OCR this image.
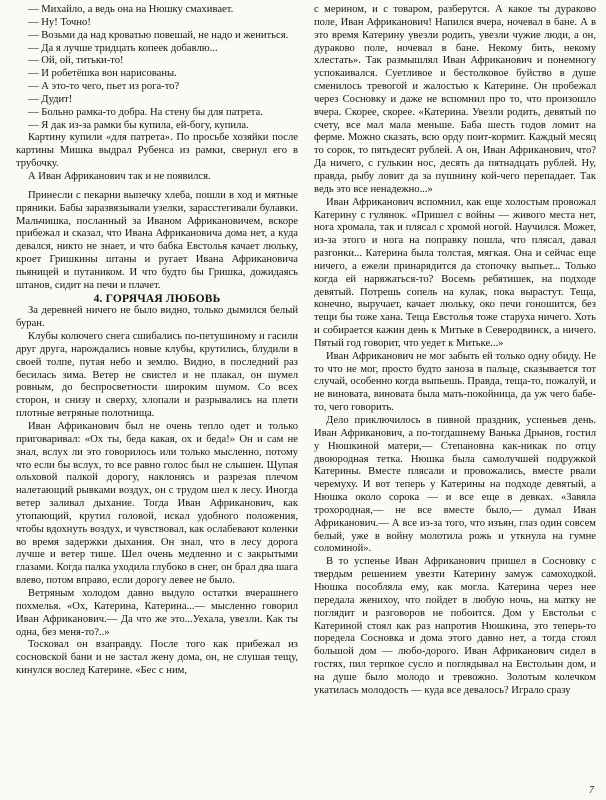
— Михайло, а ведь она на Нюшку смахивает.

— Ну! Точно!

— Возьми да над кроватью повешай, не надо и жениться.

— Да я лучше тридцать копеек добавлю...

— Ой, ой, титьки-то!

— И робетёшка вон нарисованы.

— А это-то чего, пьет из рога-то?

— Дудит!

— Больно рамка-то добра. На стену бы для патрета.

— Я дак из-за рамки бы купила, ей-богу, купила.

Картину купили «для патрета». По просьбе хозяйки после картины Мишка выдрал Рубенса из рамки, свернул его в трубочку.

А Иван Африканович так и не появился.

Принесли с пекарни выпечку хлеба, пошли в ход и мятные пряники. Бабы заразвязывали узелки, зарасстегивали булавки. Мальчишка, посланный за Иваном Африкановичем, вскоре прибежал и сказал, что Ивана Африкановича дома нет, а куда девался, никто не знает, и что бабка Евстолья качает люльку, кроет Гришкины штаны и ругает Ивана Африкановича пьяницей и путаником. И что будто бы Гришка, дожидаясь штанов, сидит на печи и плачет.

4. ГОРЯЧАЯ ЛЮБОВЬ

За деревней ничего не было видно, только дымился белый буран.

Клубы колючего снега сшибались по-петушиному и гасили друг друга, нарождались новые клубы, крутились, блудили в своей толпе, путая небо и землю. Видно, в последний раз бесилась зима. Ветер не свистел и не плакал, он шумел ровным, до беспросветности широким шумом. Со всех сторон, и снизу и сверху, хлопали и разрывались на плети плотные ветряные полотнища.

Иван Африканович был не очень тепло одет и только приговаривал: «Ох ты, беда какая, ох и беда!» Он и сам не знал, вслух ли это говорилось или только мысленно, потому что если бы вслух, то все равно голос был не слышен. Щупая ольховой палкой дорогу, наклонясь и разрезая плечом налетающий рывками воздух, он с трудом шел к лесу. Иногда ветер заливал дыхание. Тогда Иван Африканович, как утопающий, крутил головой, искал удобного положения, чтобы вдохнуть воздух, и чувствовал, как ослабевают коленки во время задержки дыхания. Он знал, что в лесу дорога лучше и ветер тише. Шел очень медленно и с закрытыми глазами. Когда палка уходила глубоко в снег, он брал два шага влево, потом вправо, если дорогу левее не было.

Ветряным холодом давно выдуло остатки вчерашнего похмелья. «Ох, Катерина, Катерина...— мысленно говорил Иван Африканович.— Да что же это...Уехала, увезли. Как ты одна, без меня-то?..»

Тосковал он взаправду. После того как прибежал из сосновской бани и не застал жену дома, он, не слушая тещу, кинулся вослед Катерине. «Бес с ним,

с мерином, и с товаром, разберутся. А какое ты дураково поле, Иван Африканович! Напился вчера, ночевал в бане. А в это время Катерину увезли родить, увезли чужие люди, а он, дураково поле, ночевал в бане. Некому бить, некому хлестать». Так размышлял Иван Африканович и понемногу успокаивался. Суетливое и бестолковое буйство в душе сменилось тревогой и жалостью к Катерине. Он пробежал через Сосновку и даже не вспомнил про то, что произошло вчера. Скорее, скорее. «Катерина. Увезли родить, девятый по счету, все мал мала меньше. Баба шесть годов ломит на ферме. Можно сказать, всю орду поит-кормит. Каждый месяц то сорок, то пятьдесят рублей. А он, Иван Африканович, что? Да ничего, с гулькин нос, десять да пятнадцать рублей. Ну, правда, рыбу ловит да за пушнину кой-чего перепадает. Так ведь это все ненадежно...»

Иван Африканович вспомнил, как еще холостым провожал Катерину с гулянок. «Пришел с войны — живого места нет, нога хромала, так и плясал с хромой ногой. Научился. Может, из-за этого и нога на поправку пошла, что плясал, давал разгонки... Катерина была толстая, мягкая. Она и сейчас еще ничего, а ежели принарядится да стопочку выпьет... Только когда ей наряжаться-то? Восемь ребятишек, на подходе девятый. Потрешь сопель на кулак, пока вырастут. Теща, конечно, выручает, качает люльку, око печи гоношится, без тещи бы тоже хана. Теща Евстолья тоже старуха ничего. Хоть и собирается кажин день к Митьке в Северодвинск, а ничего. Пятый год говорит, что уедет к Митьке...»

Иван Африканович не мог забыть ей только одну обиду. Не то что не мог, просто будто заноза в пальце, сказывается тот случай, особенно когда выпьешь. Правда, теща-то, пожалуй, и не виновата, виновата была мать-покойница, да уж чего бабе-то, чего говорить.

Дело приключилось в пивной праздник, успеньев день. Иван Африканович, а по-тогдашнему Ванька Дрынов, гостил у Нюшкиной матери,— Степановна как-никак по отцу двоюродная тетка. Нюшка была самолучшей подружкой Катерины. Вместе плясали и провожались, вместе рвали черемуху. И вот теперь у Катерины на подходе девятый, а Нюшка около сорока — и все еще в девках. «Завяла трохородная,— не все вместе было,— думал Иван Африканович.— А все из-за того, что изъян, глаз один совсем белый, уже в войну молотила рожь и уткнула на гумне соломиной».

В то успенье Иван Африканович пришел в Сосновку с твердым решением увезти Катерину замуж самоходкой. Нюшка пособляла ему, как могла. Катерина через нее передала женихоу, что пойдет в любую ночь, на матку не поглядит и разговоров не побоится. Дом у Евстольи с Катериной стоял как раз напротив Нюшкина, это теперь-то поредела Сосновка и дома этого давно нет, а тогда стоял большой дом — любо-дорого. Иван Африканович сидел в гостях, пил терпкое сусло и поглядывал на Евстольин дом, и на душе было молодо и тревожно. Золотым колечком укатилась молодость — куда все девалось? Играло сразу

7
